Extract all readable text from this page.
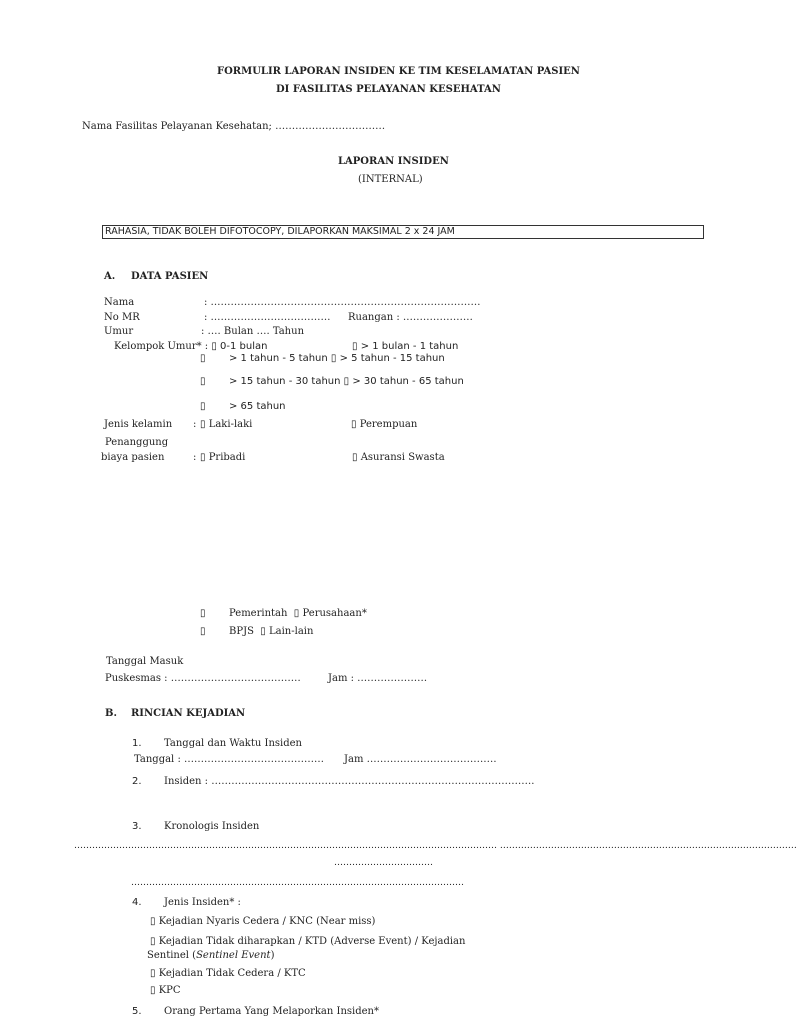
FORMULIR LAPORAN INSIDEN KE TIM KESELAMATAN PASIEN
DI FASILITAS PELAYANAN KESEHATAN
Nama Fasilitas Pelayanan Kesehatan; ……………………………
LAPORAN INSIDEN
(INTERNAL)
RAHASIA, TIDAK BOLEH DIFOTOCOPY, DILAPORKAN MAKSIMAL 2 x 24 JAM
A. DATA PASIEN
Nama	: ………………………………………………………………………
No MR	: ……………………………… Ruangan : …………………
Umur	: …. Bulan …. Tahun
Kelompok Umur* : ▯ 0-1 bulan	▯ > 1 bulan - 1 tahun
▯ > 1 tahun - 5 tahun ▯ > 5 tahun - 15 tahun
▯ > 15 tahun - 30 tahun ▯ > 30 tahun - 65 tahun
▯ > 65 tahun
Jenis kelamin : ▯ Laki-laki	▯ Perempuan
Penanggung
biaya pasien	: ▯ Pribadi	▯ Asuransi Swasta
▯ Pemerintah ▯ Perusahaan*
▯ BPJS ▯ Lain-lain
Tanggal Masuk
Puskesmas : …………………………………	Jam : …………………
B. RINCIAN KEJADIAN
1. Tanggal dan Waktu Insiden
Tanggal : …………………………………… Jam …………………………………
2. Insiden : …………………………………………………………………………………….
3. Kronologis Insiden
…………………………………………………………………………………………………………………………… ………………………………………………………………………………………
……………………………
…………………………………………………………………………………………………
4. Jenis Insiden* :
▯ Kejadian Nyaris Cedera / KNC (Near miss)
▯ Kejadian Tidak diharapkan / KTD (Adverse Event) / Kejadian
Sentinel (Sentinel Event)
▯ Kejadian Tidak Cedera / KTC
▯ KPC
5. Orang Pertama Yang Melaporkan Insiden*
